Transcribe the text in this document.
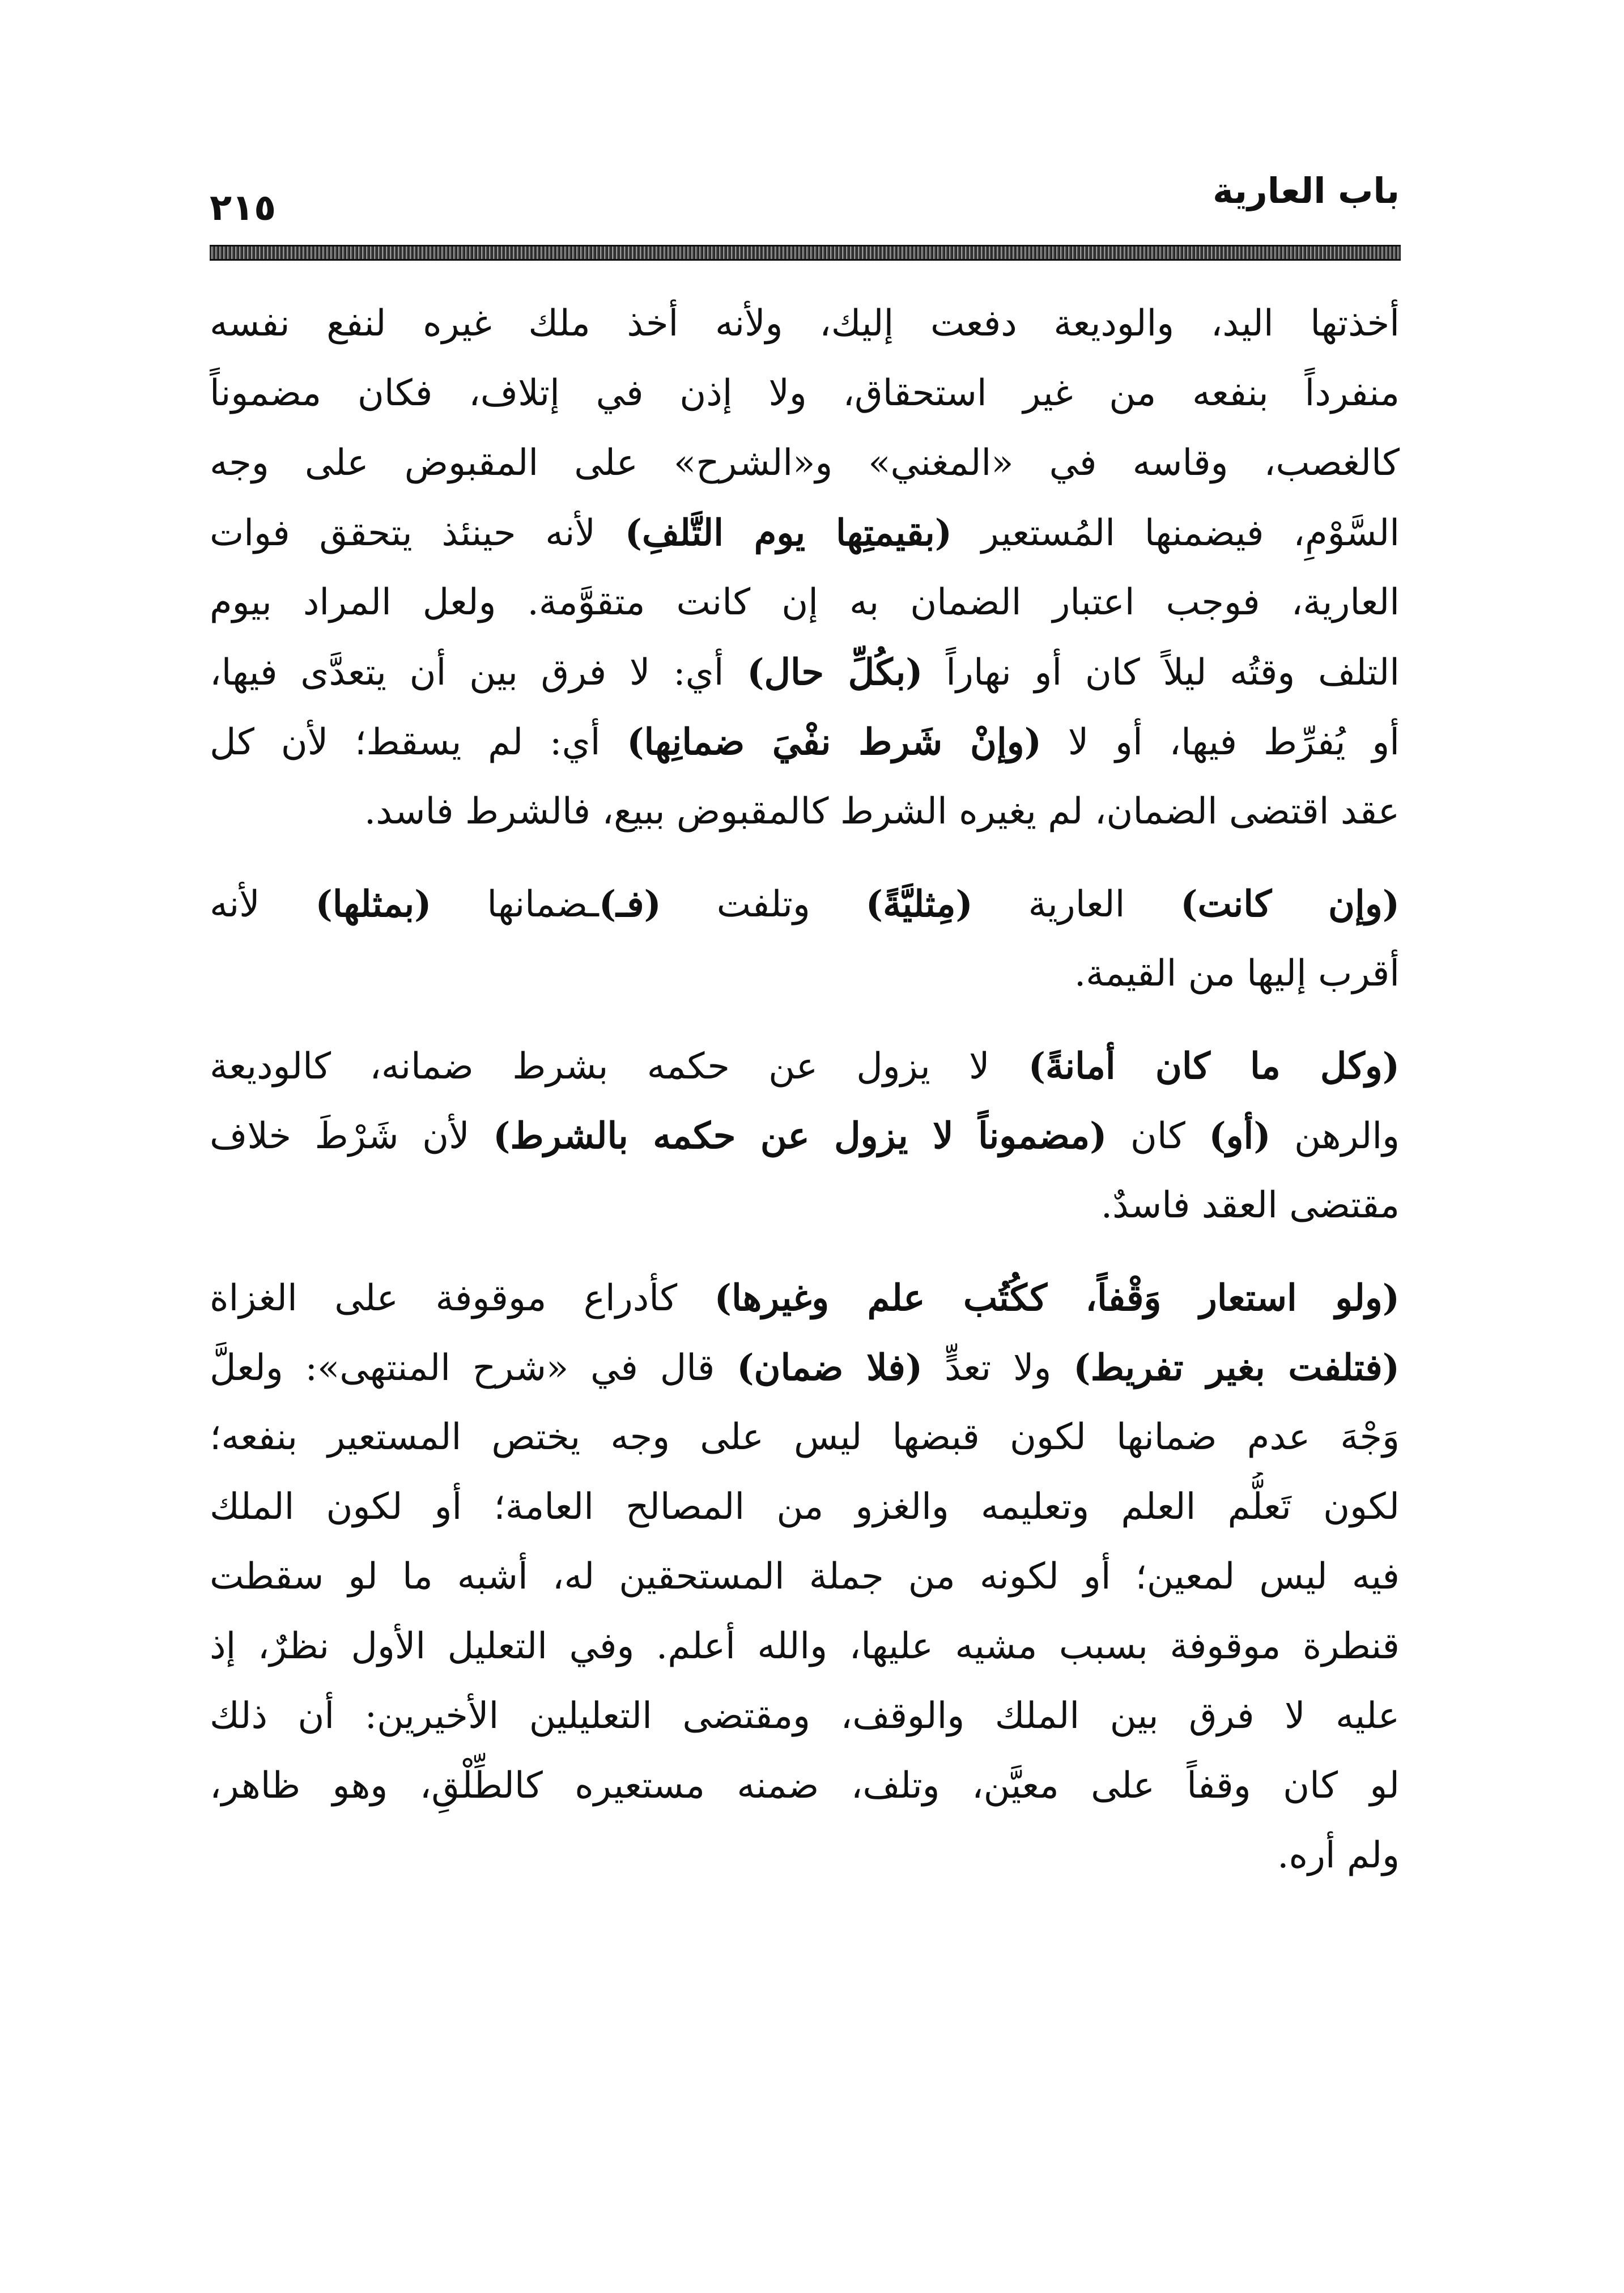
باب العارية
٢١٥

أخذتها اليد، والوديعة دفعت إليك، ولأنه أخذ ملك غيره لنفع نفسه
منفرداً بنفعه من غير استحقاق، ولا إذن في إتلاف، فكان مضموناً
كالغصب، وقاسه في «المغني» و«الشرح» على المقبوض على وجه
السَّوْمِ، فيضمنها المُستعير (بقيمتِها يوم التَّلفِ) لأنه حينئذ يتحقق فوات
العارية، فوجب اعتبار الضمان به إن كانت متقوَّمة. ولعل المراد بيوم
التلف وقتُه ليلاً كان أو نهاراً (بكُلِّ حال) أي: لا فرق بين أن يتعدَّى فيها،
أو يُفرِّط فيها، أو لا (وإنْ شَرط نفْيَ ضمانِها) أي: لم يسقط؛ لأن كل
عقد اقتضى الضمان، لم يغيره الشرط كالمقبوض ببيع، فالشرط فاسد.

(وإن كانت) العارية (مِثليَّةً) وتلفت (فـ)ـضمانها (بمثلها) لأنه
أقرب إليها من القيمة.

(وكل ما كان أمانةً) لا يزول عن حكمه بشرط ضمانه، كالوديعة
والرهن (أو) كان (مضموناً لا يزول عن حكمه بالشرط) لأن شَرْطَ خلاف
مقتضى العقد فاسدٌ.

(ولو استعار وَقْفاً، ككُتُب علم وغيرها) كأدراع موقوفة على الغزاة
(فتلفت بغير تفريط) ولا تعدٍّ (فلا ضمان) قال في «شرح المنتهى»: ولعلَّ
وَجْهَ عدم ضمانها لكون قبضها ليس على وجه يختص المستعير بنفعه؛
لكون تَعلُّم العلم وتعليمه والغزو من المصالح العامة؛ أو لكون الملك
فيه ليس لمعين؛ أو لكونه من جملة المستحقين له، أشبه ما لو سقطت
قنطرة موقوفة بسبب مشيه عليها، والله أعلم. وفي التعليل الأول نظرٌ، إذ
عليه لا فرق بين الملك والوقف، ومقتضى التعليلين الأخيرين: أن ذلك
لو كان وقفاً على معيَّن، وتلف، ضمنه مستعيره كالطِّلْقِ، وهو ظاهر،
ولم أره.
